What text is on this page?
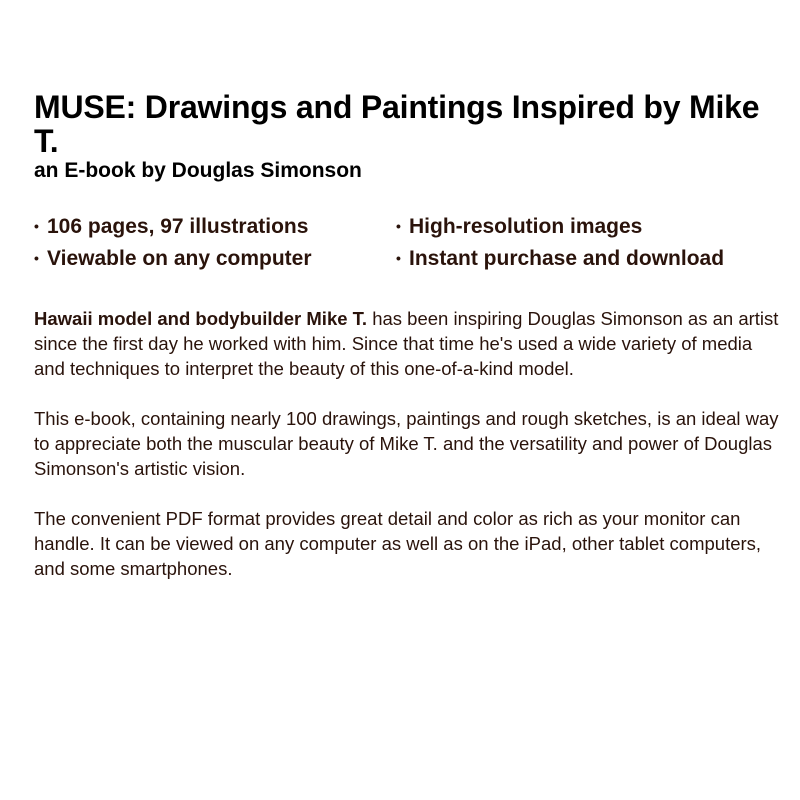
MUSE: Drawings and Paintings Inspired by Mike T.
an E-book by Douglas Simonson
• 106 pages, 97 illustrations	• High-resolution images
• Viewable on any computer	• Instant purchase and download

Hawaii model and bodybuilder Mike T. has been inspiring Douglas Simonson as an artist since the first day he worked with him. Since that time he's used a wide variety of media and techniques to interpret the beauty of this one-of-a-kind model.

This e-book, containing nearly 100 drawings, paintings and rough sketches, is an ideal way to appreciate both the muscular beauty of Mike T. and the versatility and power of Douglas Simonson's artistic vision.

The convenient PDF format provides great detail and color as rich as your monitor can handle. It can be viewed on any computer as well as on the iPad, other tablet computers, and some smartphones.
